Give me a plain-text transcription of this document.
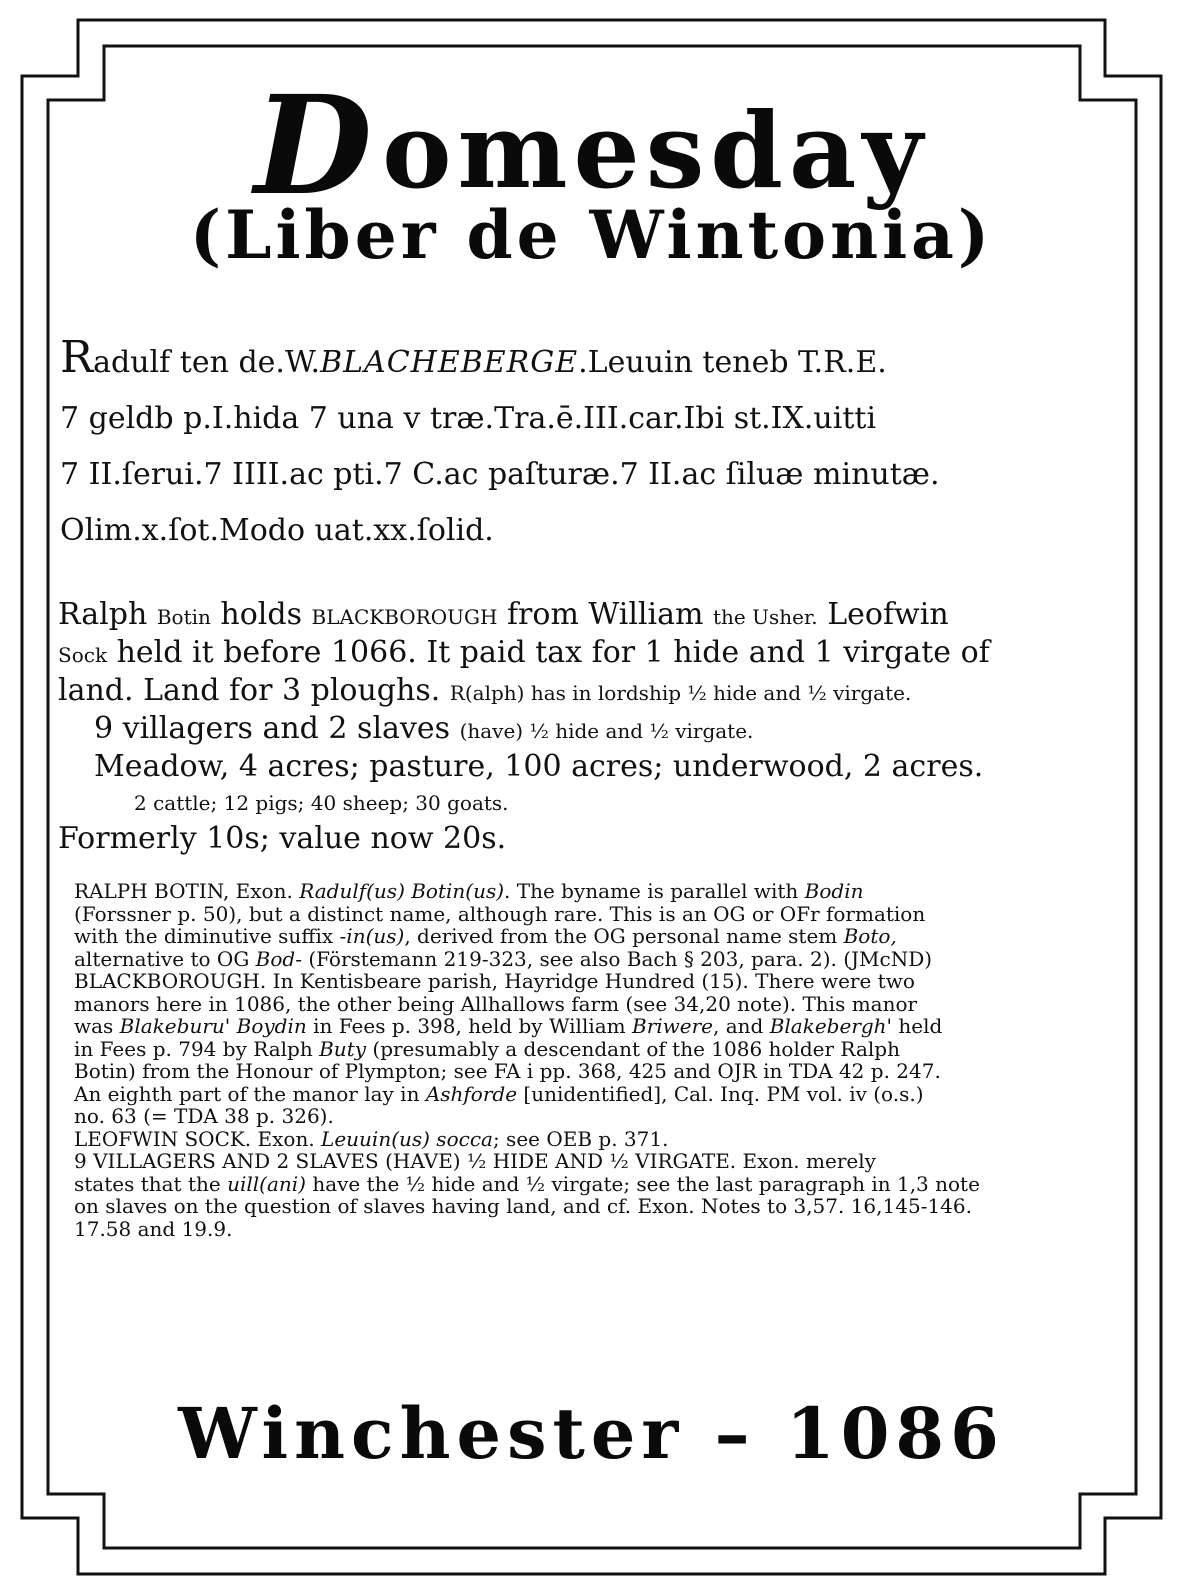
Domesday
(Liber de Wintonia)
Radulf ten de.W.BLACHEBERGE.Leuuin teneb T.R.E.
7 geldb p.I.hida 7 una v træ.Tra.ē.III.car.Ibi st.IX.uitti
7 II.ſerui.7 IIII.ac pti.7 C.ac paſturæ.7 II.ac ſiluæ minutæ.
Olim.x.ſot.Modo uat.xx.ſolid.
Ralph Botin holds BLACKBOROUGH from William the Usher. Leofwin
Sock held it before 1066. It paid tax for 1 hide and 1 virgate of
land. Land for 3 ploughs. R(alph) has in lordship ½ hide and ½ virgate.
9 villagers and 2 slaves (have) ½ hide and ½ virgate.
Meadow, 4 acres; pasture, 100 acres; underwood, 2 acres.
2 cattle; 12 pigs; 40 sheep; 30 goats.
Formerly 10s; value now 20s.
RALPH BOTIN, Exon. Radulf(us) Botin(us). The byname is parallel with Bodin
(Forssner p. 50), but a distinct name, although rare. This is an OG or OFr formation
with the diminutive suffix -in(us), derived from the OG personal name stem Boto,
alternative to OG Bod- (Förstemann 219-323, see also Bach § 203, para. 2). (JMcND)
BLACKBOROUGH. In Kentisbeare parish, Hayridge Hundred (15). There were two
manors here in 1086, the other being Allhallows farm (see 34,20 note). This manor
was Blakeburu' Boydin in Fees p. 398, held by William Briwere, and Blakebergh' held
in Fees p. 794 by Ralph Buty (presumably a descendant of the 1086 holder Ralph
Botin) from the Honour of Plympton; see FA i pp. 368, 425 and OJR in TDA 42 p. 247.
An eighth part of the manor lay in Ashforde [unidentified], Cal. Inq. PM vol. iv (o.s.)
no. 63 (= TDA 38 p. 326).
LEOFWIN SOCK. Exon. Leuuin(us) socca; see OEB p. 371.
9 VILLAGERS AND 2 SLAVES (HAVE) ½ HIDE AND ½ VIRGATE. Exon. merely
states that the uill(ani) have the ½ hide and ½ virgate; see the last paragraph in 1,3 note
on slaves on the question of slaves having land, and cf. Exon. Notes to 3,57. 16,145-146.
17.58 and 19.9.
Winchester – 1086
